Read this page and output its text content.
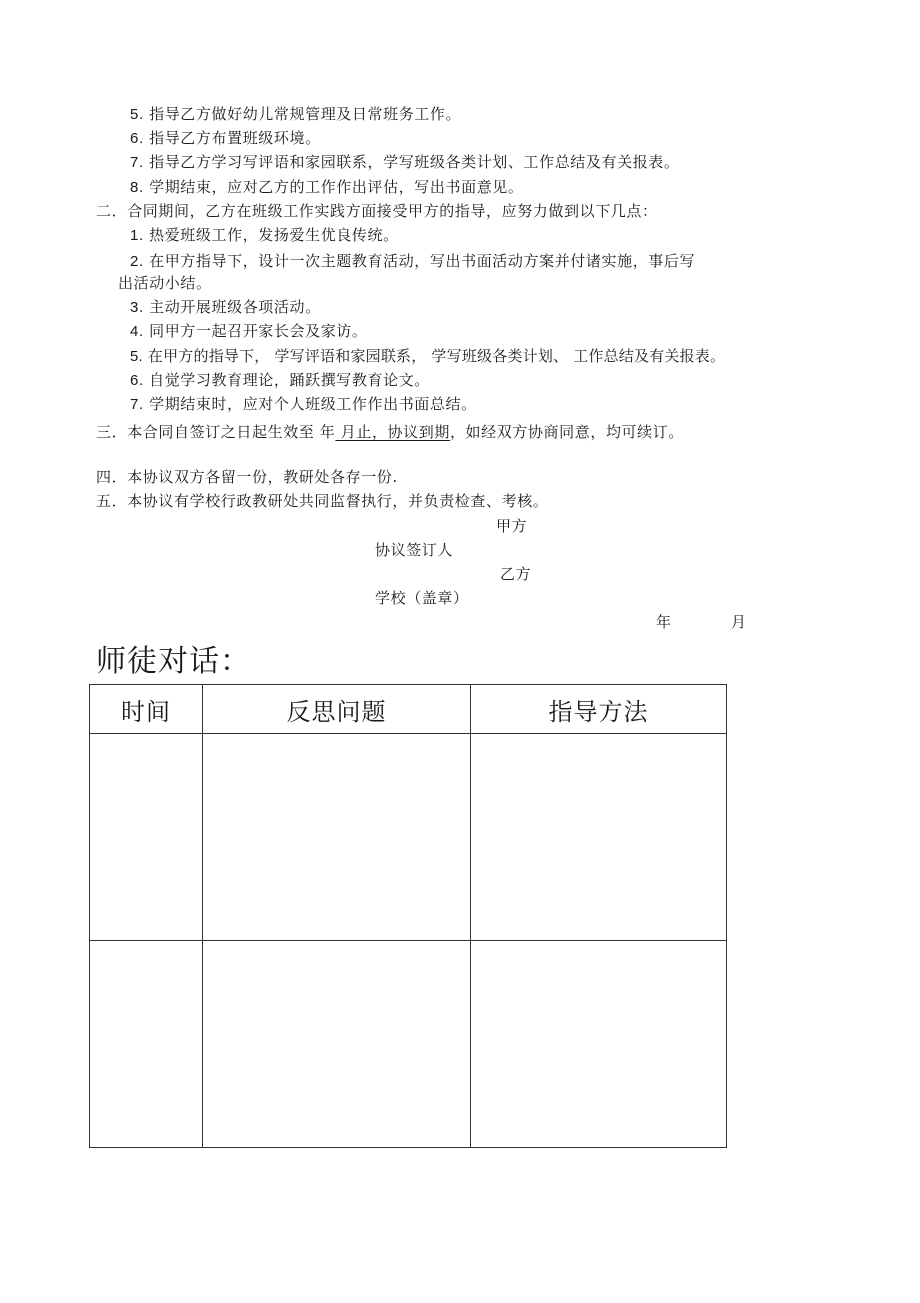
5. 指导乙方做好幼儿常规管理及日常班务工作。
6. 指导乙方布置班级环境。
7. 指导乙方学习写评语和家园联系，学写班级各类计划、工作总结及有关报表。
8. 学期结束，应对乙方的工作作出评估，写出书面意见。
二．合同期间，乙方在班级工作实践方面接受甲方的指导，应努力做到以下几点：
1. 热爱班级工作，发扬爱生优良传统。
2. 在甲方指导下，设计一次主题教育活动，写出书面活动方案并付诸实施，事后写
出活动小结。
3. 主动开展班级各项活动。
4. 同甲方一起召开家长会及家访。
5. 在甲方的指导下， 学写评语和家园联系， 学写班级各类计划、 工作总结及有关报表。
6. 自觉学习教育理论，踊跃撰写教育论文。
7. 学期结束时，应对个人班级工作作出书面总结。
三．本合同自签订之日起生效至 年 月止，协议到期，如经双方协商同意，均可续订。
四．本协议双方各留一份，教研处各存一份.
五．本协议有学校行政教研处共同监督执行，并负责检查、考核。
甲方
协议签订人
乙方
学校（盖章）
年	月
师徒对话：
时间	反思问题	指导方法
